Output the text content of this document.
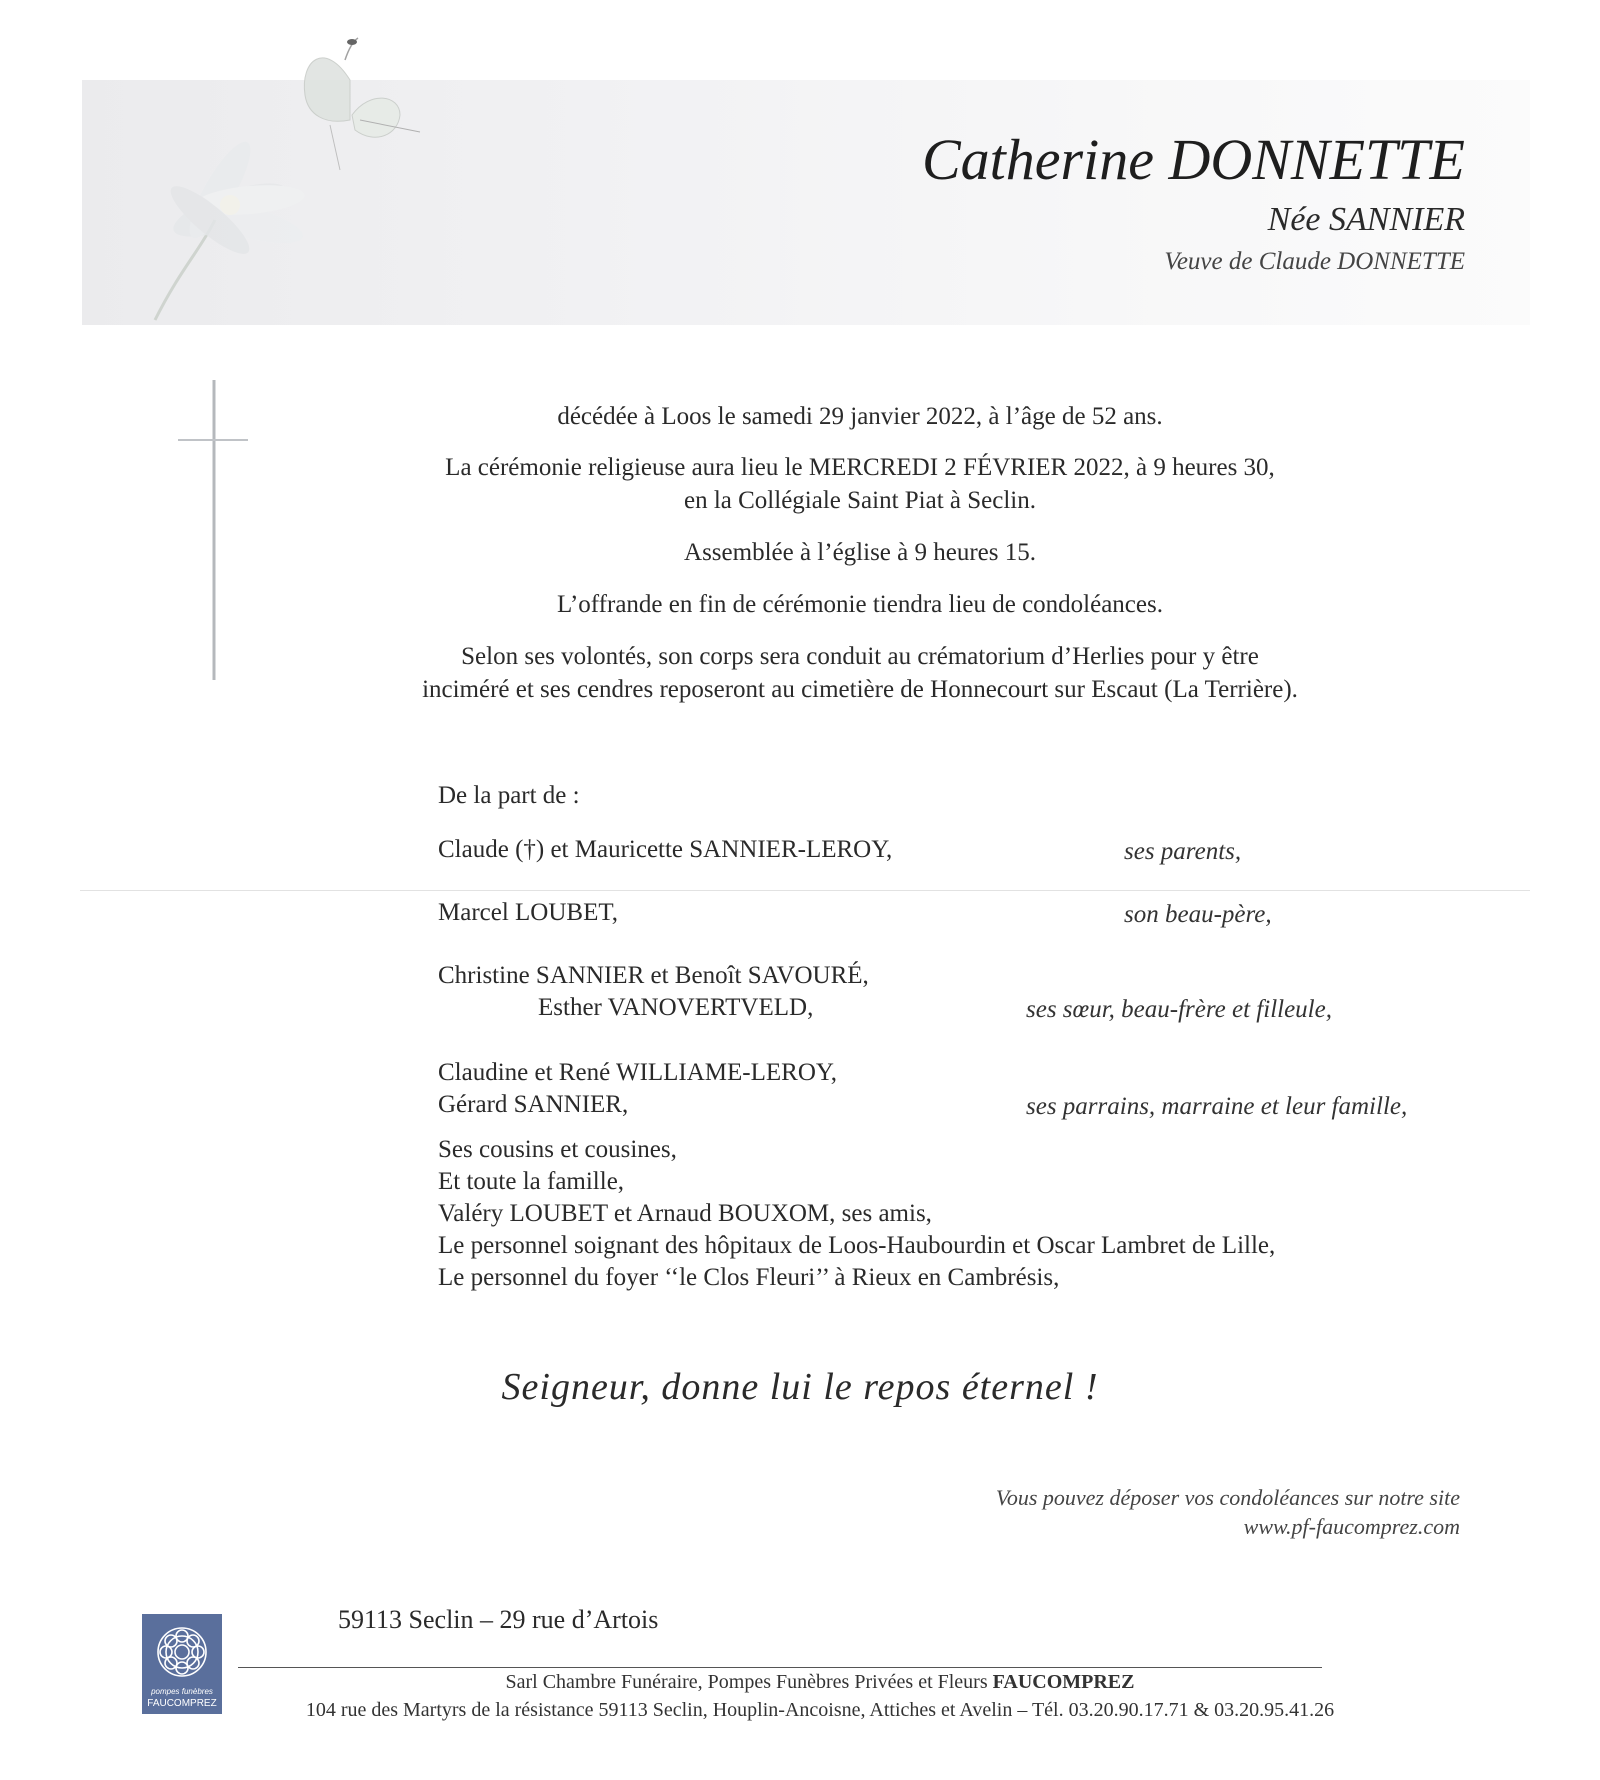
Catherine DONNETTE
Née SANNIER
Veuve de Claude DONNETTE
décédée à Loos le samedi 29 janvier 2022, à l’âge de 52 ans.
La cérémonie religieuse aura lieu le MERCREDI 2 FÉVRIER 2022, à 9 heures 30,
en la Collégiale Saint Piat à Seclin.
Assemblée à l’église à 9 heures 15.
L’offrande en fin de cérémonie tiendra lieu de condoléances.
Selon ses volontés, son corps sera conduit au crématorium d’Herlies pour y être
inciméré et ses cendres reposeront au cimetière de Honnecourt sur Escaut (La Terrière).
De la part de :
Claude (†) et Mauricette SANNIER-LEROY,	ses parents,
Marcel LOUBET,	son beau-père,
Christine SANNIER et Benoît SAVOURÉ,
Esther VANOVERTVELD,	ses sœur, beau-frère et filleule,
Claudine et René WILLIAME-LEROY,
Gérard SANNIER,	ses parrains, marraine et leur famille,
Ses cousins et cousines,
Et toute la famille,
Valéry LOUBET et Arnaud BOUXOM, ses amis,
Le personnel soignant des hôpitaux de Loos-Haubourdin et Oscar Lambret de Lille,
Le personnel du foyer ‘‘le Clos Fleuri’’ à Rieux en Cambrésis,
Seigneur, donne lui le repos éternel !
Vous pouvez déposer vos condoléances sur notre site
www.pf-faucomprez.com
pompes funèbres
FAUCOMPREZ
59113 Seclin – 29 rue d’Artois
Sarl Chambre Funéraire, Pompes Funèbres Privées et Fleurs FAUCOMPREZ
104 rue des Martyrs de la résistance 59113 Seclin, Houplin-Ancoisne, Attiches et Avelin – Tél. 03.20.90.17.71 & 03.20.95.41.26
